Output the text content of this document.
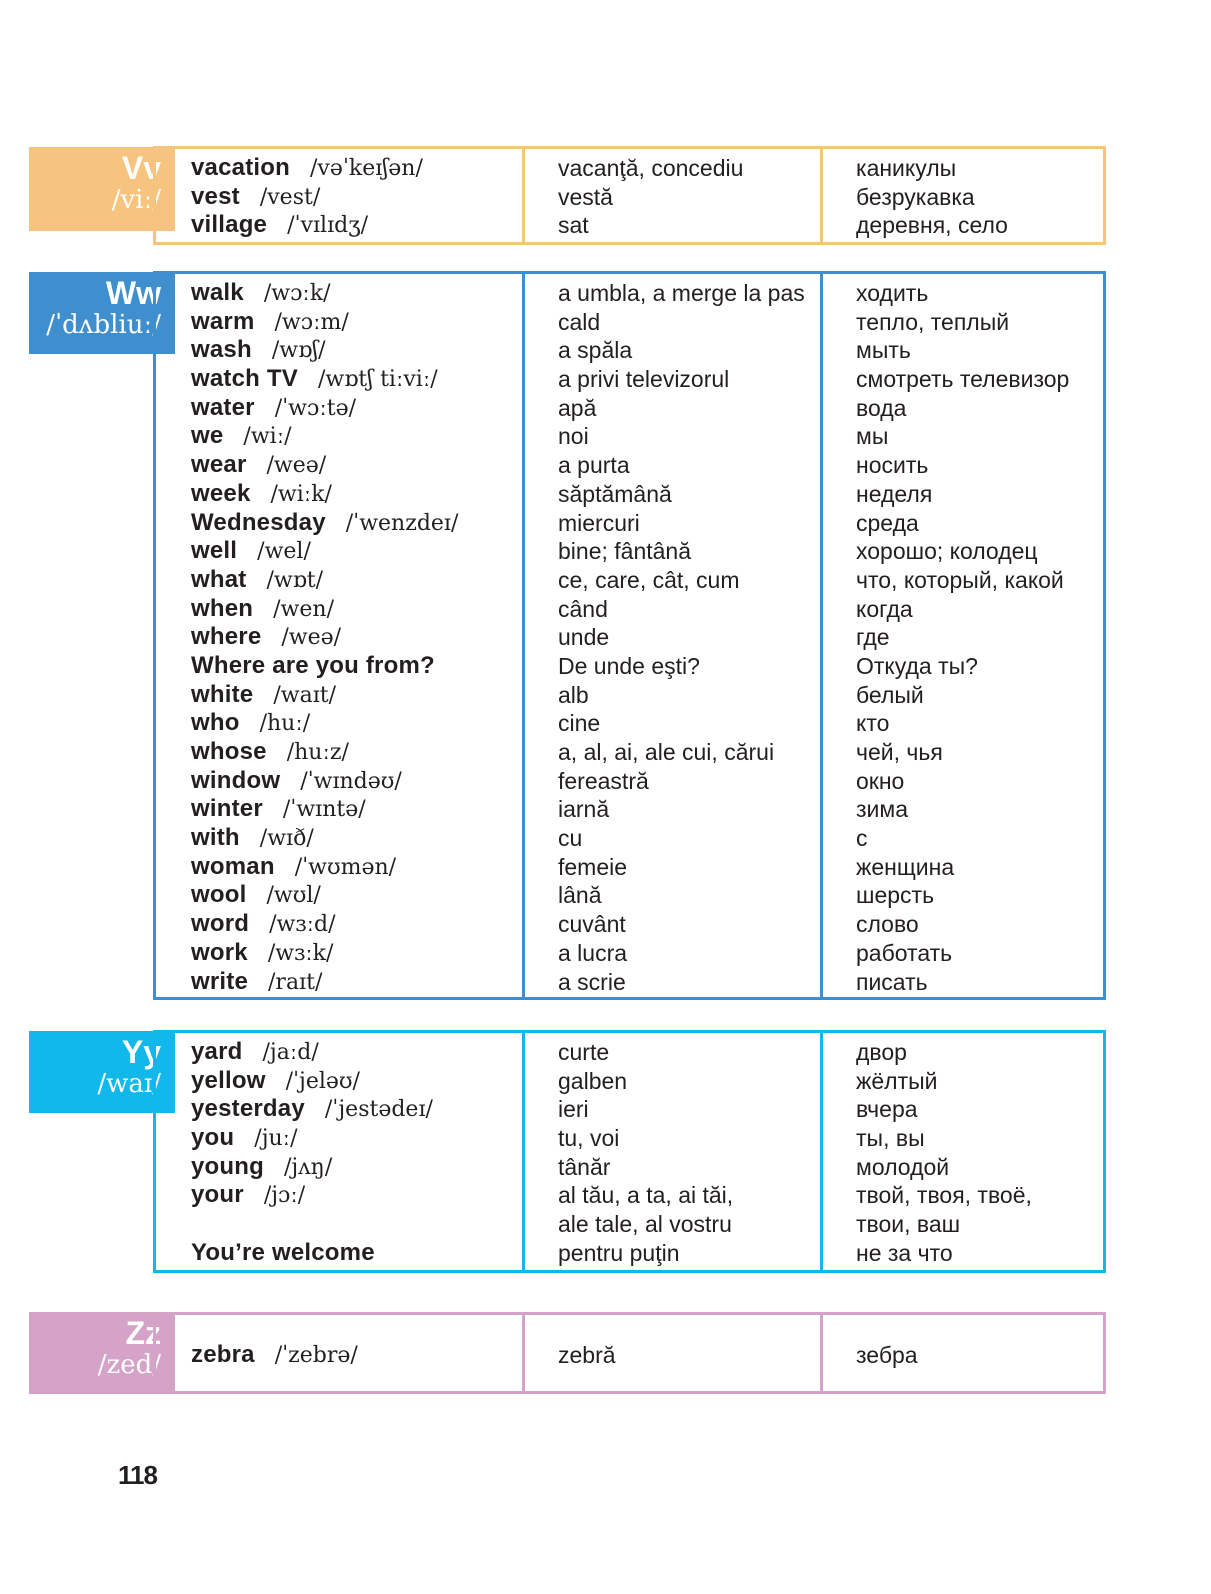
Vv
/viː/
vacation /vəˈkeɪʃən/
vest /vest/
village /ˈvɪlɪdʒ/
vacanţă, concediu
vestă
sat
каникулы
безрукавка
деревня, село
Ww
/ˈdʌbliuː/
walk /wɔːk/
warm /wɔːm/
wash /wɒʃ/
watch TV /wɒtʃ tiːviː/
water /ˈwɔːtə/
we /wiː/
wear /weə/
week /wiːk/
Wednesday /ˈwenzdeɪ/
well /wel/
what /wɒt/
when /wen/
where /weə/
Where are you from?
white /waɪt/
who /huː/
whose /huːz/
window /ˈwɪndəʊ/
winter /ˈwɪntə/
with /wɪð/
woman /ˈwʊmən/
wool /wʊl/
word /wɜːd/
work /wɜːk/
write /raɪt/
a umbla, a merge la pas
cald
a spăla
a privi televizorul
apă
noi
a purta
săptămână
miercuri
bine; fântână
ce, care, cât, cum
când
unde
De unde eşti?
alb
cine
a, al, ai, ale cui, cărui
fereastră
iarnă
cu
femeie
lână
cuvânt
a lucra
a scrie
ходить
тепло, теплый
мыть
смотреть телевизор
вода
мы
носить
неделя
среда
хорошо; колодец
что, который, какой
когда
где
Откуда ты?
белый
кто
чей, чья
окно
зима
с
женщина
шерсть
слово
работать
писать
Yy
/waɪ/
yard /jaːd/
yellow /ˈjeləʊ/
yesterday /ˈjestədeɪ/
you /juː/
young /jʌŋ/
your /jɔː/
You’re welcome
curte
galben
ieri
tu, voi
tânăr
al tău, a ta, ai tăi,
ale tale, al vostru
pentru puţin
двор
жёлтый
вчера
ты, вы
молодой
твой, твоя, твоё,
твои, ваш
не за что
Zz
/zed/ zebra /ˈzebrə/	zebră	зебра
118
